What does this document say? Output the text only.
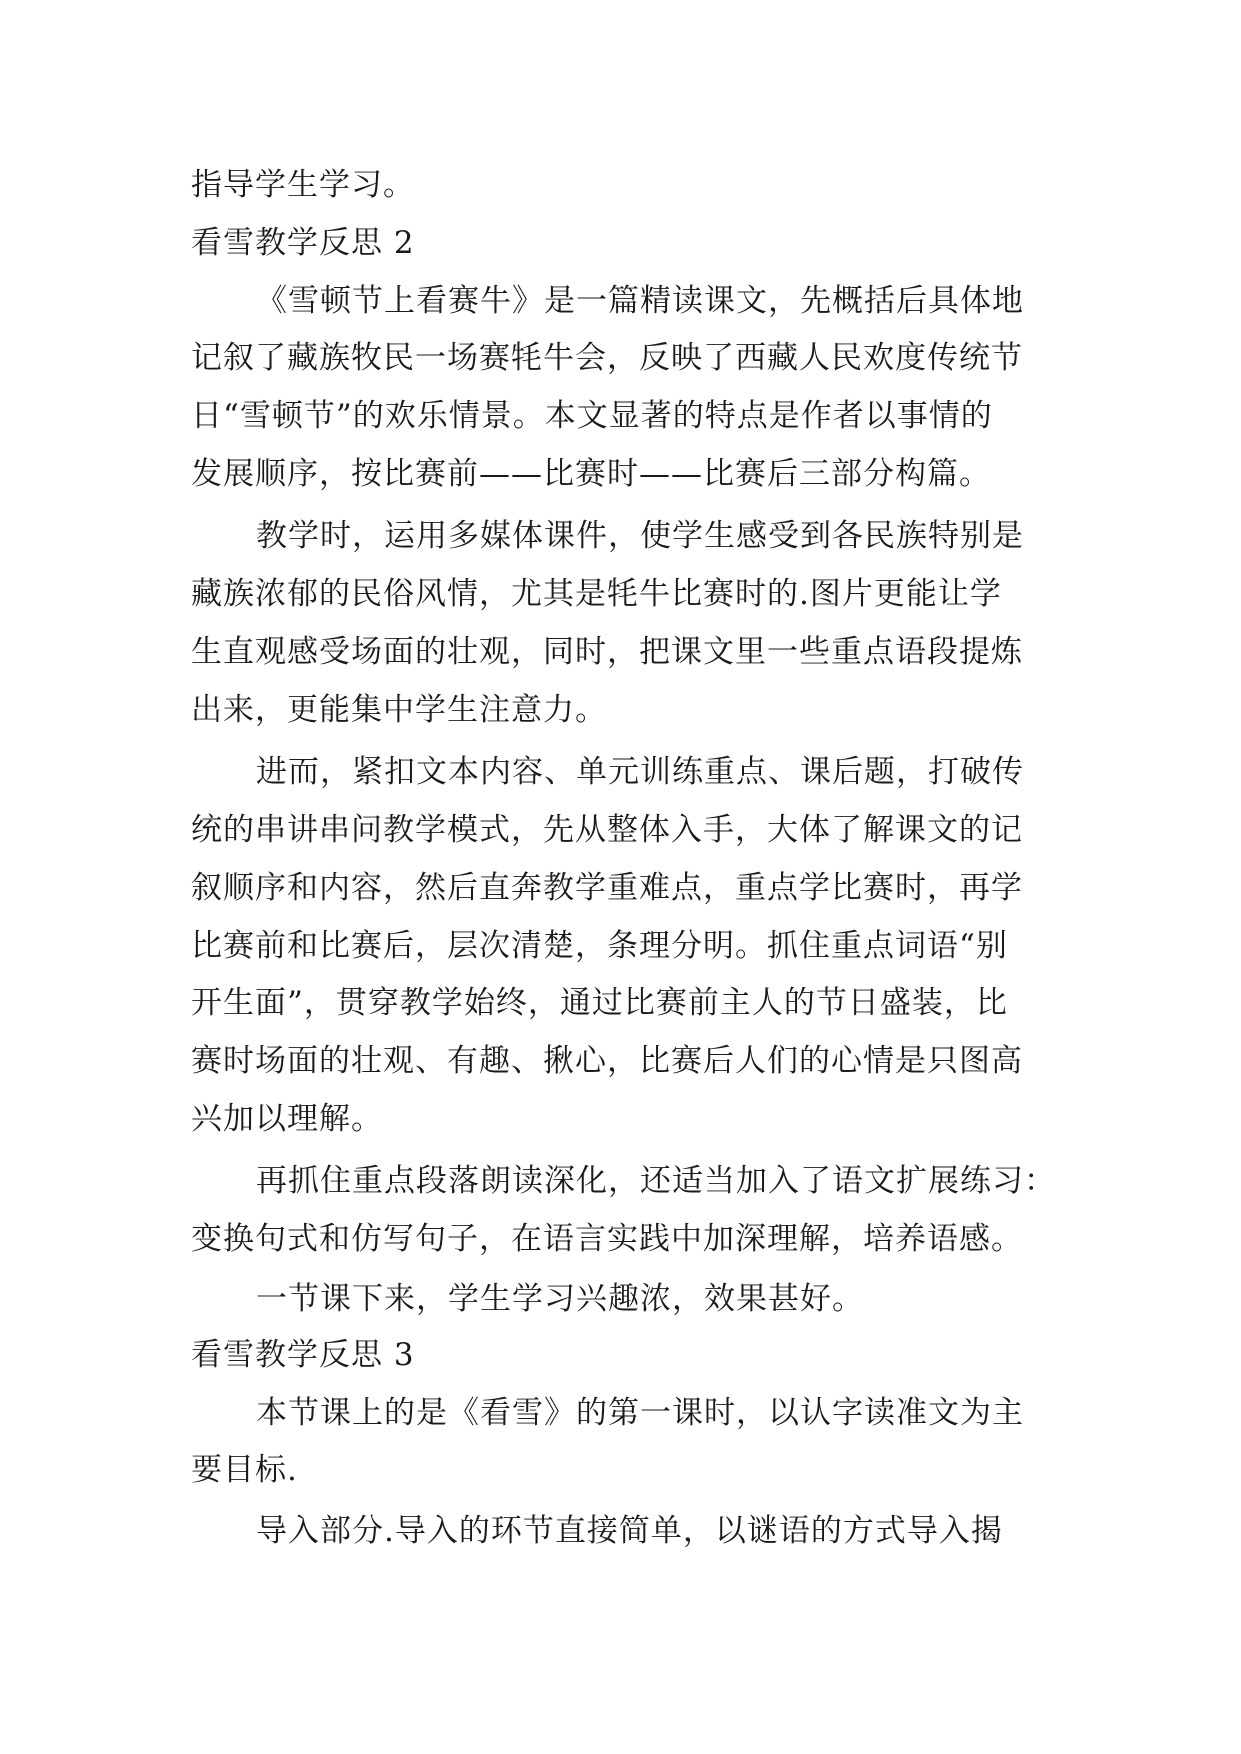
指导学生学习。
看雪教学反思 2
《雪顿节上看赛牛》是一篇精读课文，先概括后具体地
记叙了藏族牧民一场赛牦牛会，反映了西藏人民欢度传统节
日“雪顿节”的欢乐情景。本文显著的特点是作者以事情的
发展顺序，按比赛前——比赛时——比赛后三部分构篇。
教学时，运用多媒体课件，使学生感受到各民族特别是
藏族浓郁的民俗风情，尤其是牦牛比赛时的.图片更能让学
生直观感受场面的壮观，同时，把课文里一些重点语段提炼
出来，更能集中学生注意力。
进而，紧扣文本内容、单元训练重点、课后题，打破传
统的串讲串问教学模式，先从整体入手，大体了解课文的记
叙顺序和内容，然后直奔教学重难点，重点学比赛时，再学
比赛前和比赛后，层次清楚，条理分明。抓住重点词语“别
开生面”，贯穿教学始终，通过比赛前主人的节日盛装，比
赛时场面的壮观、有趣、揪心，比赛后人们的心情是只图高
兴加以理解。
再抓住重点段落朗读深化，还适当加入了语文扩展练习：
变换句式和仿写句子，在语言实践中加深理解，培养语感。
一节课下来，学生学习兴趣浓，效果甚好。
看雪教学反思 3
本节课上的是《看雪》的第一课时，以认字读准文为主
要目标.
导入部分.导入的环节直接简单，以谜语的方式导入揭
